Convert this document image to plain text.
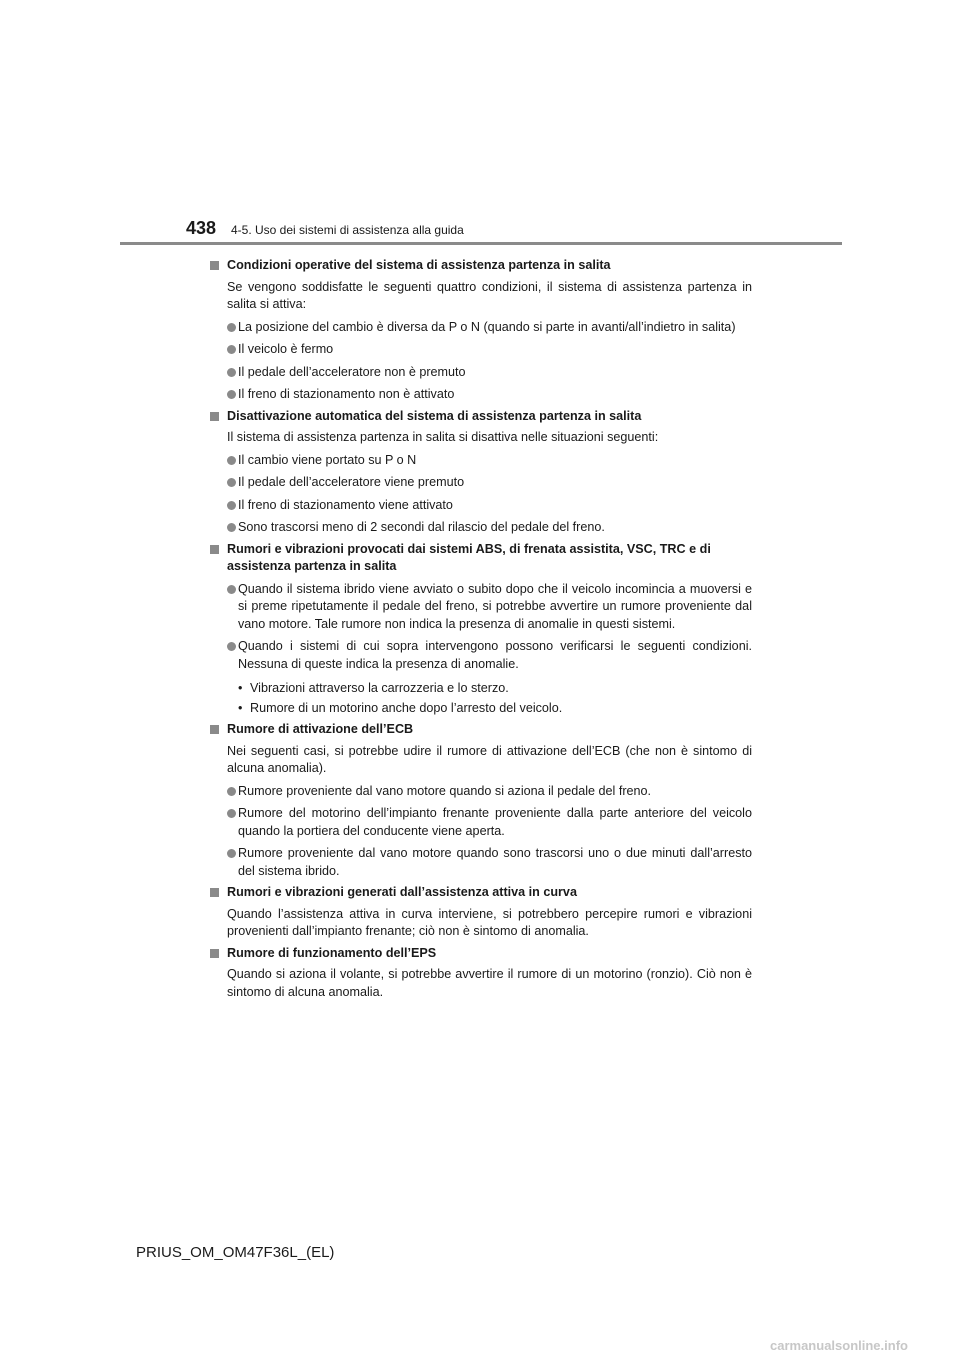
438 4-5. Uso dei sistemi di assistenza alla guida
Condizioni operative del sistema di assistenza partenza in salita
Se vengono soddisfatte le seguenti quattro condizioni, il sistema di assistenza partenza in salita si attiva:
La posizione del cambio è diversa da P o N (quando si parte in avanti/all’indietro in salita)
Il veicolo è fermo
Il pedale dell’acceleratore non è premuto
Il freno di stazionamento non è attivato
Disattivazione automatica del sistema di assistenza partenza in salita
Il sistema di assistenza partenza in salita si disattiva nelle situazioni seguenti:
Il cambio viene portato su P o N
Il pedale dell’acceleratore viene premuto
Il freno di stazionamento viene attivato
Sono trascorsi meno di 2 secondi dal rilascio del pedale del freno.
Rumori e vibrazioni provocati dai sistemi ABS, di frenata assistita, VSC, TRC e di assistenza partenza in salita
Quando il sistema ibrido viene avviato o subito dopo che il veicolo incomincia a muoversi e si preme ripetutamente il pedale del freno, si potrebbe avvertire un rumore proveniente dal vano motore. Tale rumore non indica la presenza di anomalie in questi sistemi.
Quando i sistemi di cui sopra intervengono possono verificarsi le seguenti condizioni. Nessuna di queste indica la presenza di anomalie.
• Vibrazioni attraverso la carrozzeria e lo sterzo.
• Rumore di un motorino anche dopo l’arresto del veicolo.
Rumore di attivazione dell’ECB
Nei seguenti casi, si potrebbe udire il rumore di attivazione dell’ECB (che non è sintomo di alcuna anomalia).
Rumore proveniente dal vano motore quando si aziona il pedale del freno.
Rumore del motorino dell’impianto frenante proveniente dalla parte anteriore del veicolo quando la portiera del conducente viene aperta.
Rumore proveniente dal vano motore quando sono trascorsi uno o due minuti dall’arresto del sistema ibrido.
Rumori e vibrazioni generati dall’assistenza attiva in curva
Quando l’assistenza attiva in curva interviene, si potrebbero percepire rumori e vibrazioni provenienti dall’impianto frenante; ciò non è sintomo di anomalia.
Rumore di funzionamento dell’EPS
Quando si aziona il volante, si potrebbe avvertire il rumore di un motorino (ronzio). Ciò non è sintomo di alcuna anomalia.
PRIUS_OM_OM47F36L_(EL)
carmanualsonline.info
